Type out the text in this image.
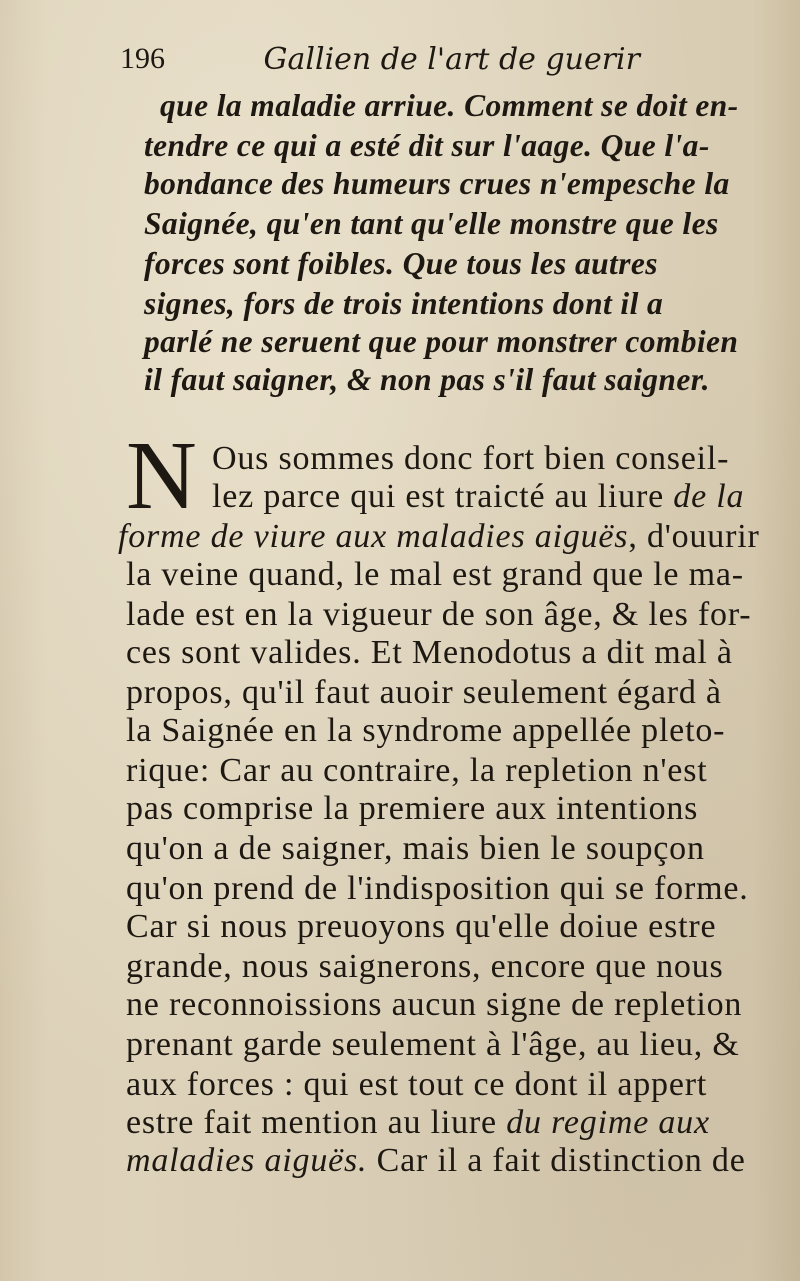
196	Gallien de l'art de guerir

que la maladie arriue. Comment se doit en-

tendre ce qui a esté dit sur l'aage. Que l'a-

bondance des humeurs crues n'empesche la

Saignée, qu'en tant qu'elle monstre que les

forces sont foibles. Que tous les autres

signes, fors de trois intentions dont il a

parlé ne seruent que pour monstrer combien

il faut saigner, & non pas s'il faut saigner.

N Ous sommes donc fort bien conseil-

lez parce qui est traicté au liure de la

forme de viure aux maladies aiguës, d'ouurir

la veine quand, le mal est grand que le ma-

lade est en la vigueur de son âge, & les for-

ces sont valides. Et Menodotus a dit mal à

propos, qu'il faut auoir seulement égard à

la Saignée en la syndrome appellée pleto-

rique: Car au contraire, la repletion n'est

pas comprise la premiere aux intentions

qu'on a de saigner, mais bien le soupçon

qu'on prend de l'indisposition qui se forme.

Car si nous preuoyons qu'elle doiue estre

grande, nous saignerons, encore que nous

ne reconnoissions aucun signe de repletion

prenant garde seulement à l'âge, au lieu, &

aux forces : qui est tout ce dont il appert

estre fait mention au liure du regime aux

maladies aiguës. Car il a fait distinction de
